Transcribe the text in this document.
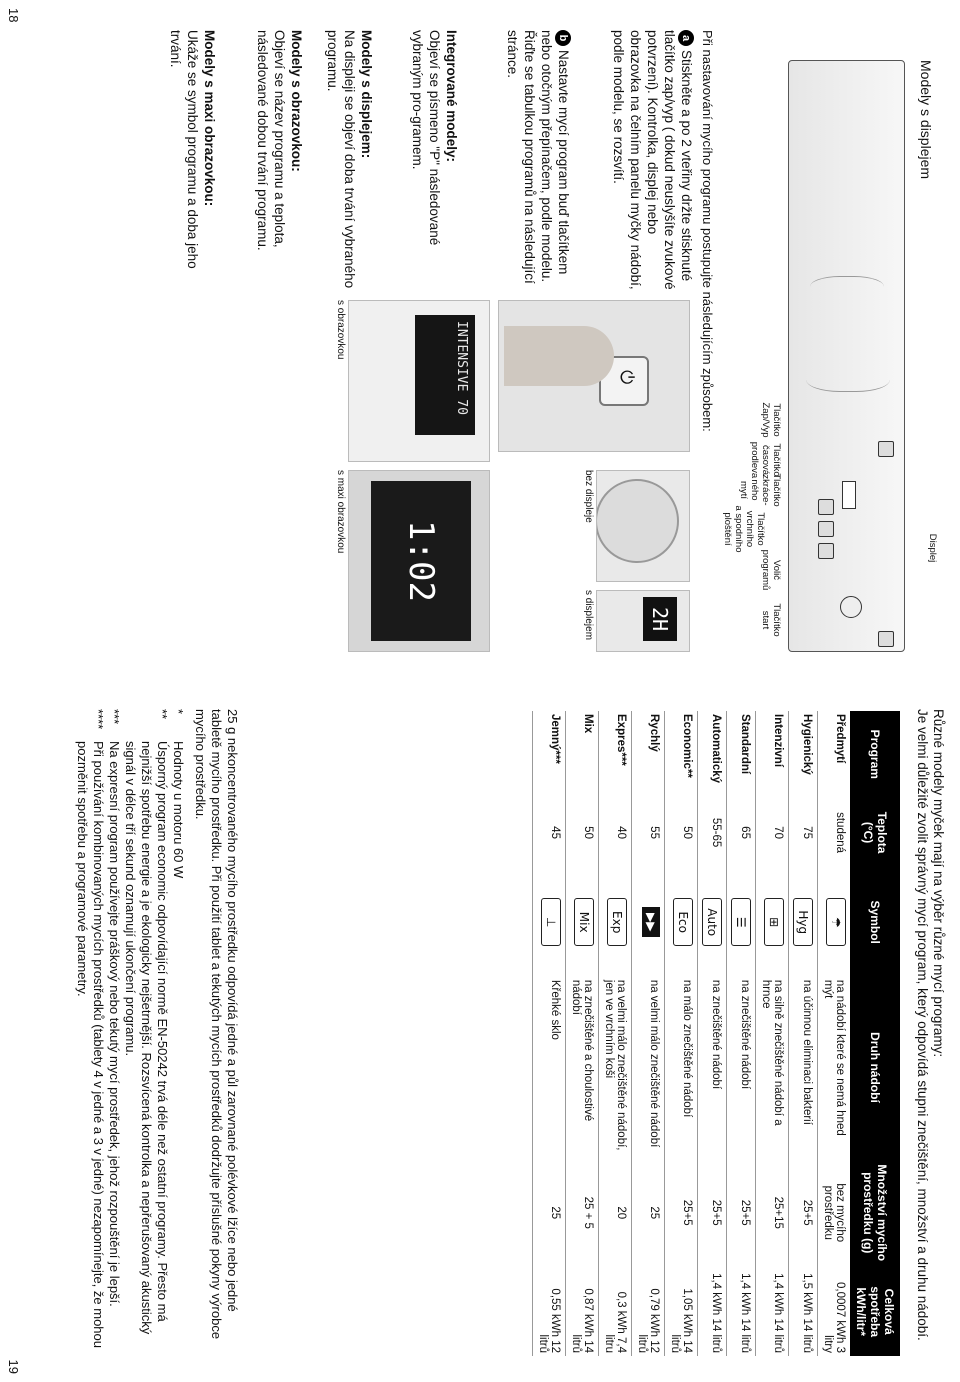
Modely s displejem
Tlačítko
Zap/Vyp
Tlačítko
časová
prodleva
Tlačítko
zkráce-
ného
mytí
Tlačítko
vrchního
a spodního
ploštění
Displej
Volič
programů
Tlačítko
start
Při nastavování mycího programu postupujte následujícím způsobem:
aStiskněte a po 2 vteřiny držte stisknuté tlačítko zap/vyp ( dokud neuslyšíte zvukové potvrzení). Kontrolka, displej nebo obrazovka na čelním panelu myčky nádobí, podle modelu, se rozsvítí.
bNastavte mycí program buď tlačítkem nebo otočným přepínačem, podle modelu. Řiďte se tabulkou programů na následující stránce.
Integrované modely:
Objeví se písmeno "P" následované vybraným pro-gramem.
Modely s displejem:
Na displeji se objeví doba trvání vybraného programu.
Modely s obrazovkou:
Objeví se název programu a teplota, následované dobou trvání programu.
Modely s maxi obrazovkou:
Ukáže se symbol programu a doba jeho trvání.
⏻
2H
bez displeje
s displejem
INTENSIVE 70
1:02
s obrazovkou
s maxi obrazovkou
18
Různé modely myček mají na výběr různé mycí programy:
Je velmi důležité zvolit správný mycí program, který odpovídá stupni znečištění, množství a druhu nádobí.
Program	Teplota (°C)	Symbol	Druh nádobí	Množství mycího prostředku (g)	Celková spotřeba kWh/litr*
Předmytí	studená	☂	na nádobí které se nemá hned mýt	bez mycího prostředku	0,0007 kWh 3 litry
Hygienický	75	Hyg	na účinnou eliminaci bakterií	25+5	1,5 kWh 14 litrů
Intenzivní	70	⊞	na silně znečištěné nádobí a hrnce	25+15	1,4 kWh 14 litrů
Standardní	65	☰	na znečištěné nádobí	25+5	1,4 kWh 14 litrů
Automatický	55-65	Auto	na znečištěné nádobí	25+5	1,4 kWh 14 litrů
Economic**	50	Eco	na málo znečištěné nádobí	25+5	1,05 kWh 14 litrů
Rychlý	55	▶▶	na velmi málo znečištěné nádobí	25	0,79 kWh 12 litrů
Expres***	40	Exp	na velmi málo znečištěné nádobí, jen ve vrchním koši	20	0,3 kWh 7,4 litru
Mix	50	Mix	na znečištěné a choulostivé nádobí	25 + 5	0,87 kWh 14 litrů
Jemný***	45	⊥	Křehké sklo	25	0,55 kWh 12 litrů
25 g nekoncentrovaného mycího prostředku odpovídá jedné a půl zarovnané polévkové lžíce nebo jedné tabletě mycího prostředku. Při použití tablet a tekutých mycích prostředků dodržujte příslušné pokyny výrobce mycího prostředku.
*
Hodnoty u motoru 60 W
**
Úsporný program economic odpovídající normě EN-50242 trvá déle než ostatní programy. Přesto má nejnižší spotřebu energie a je ekologicky nejšetrnější. Rozsvícená kontrolka a nepřerušovaný akustický signál v délce tří sekund oznamují ukončení programu.
***
Na expresní program používejte práškový nebo tekutý mycí prostředek, jehož rozpouštění je lepší.
****
Při používání kombinovaných mycích prostředků (tablety 4 v jedné a 3 v jedné) nezapomínejte, že mohou pozměnit spotřebu a programové parametry.
19
